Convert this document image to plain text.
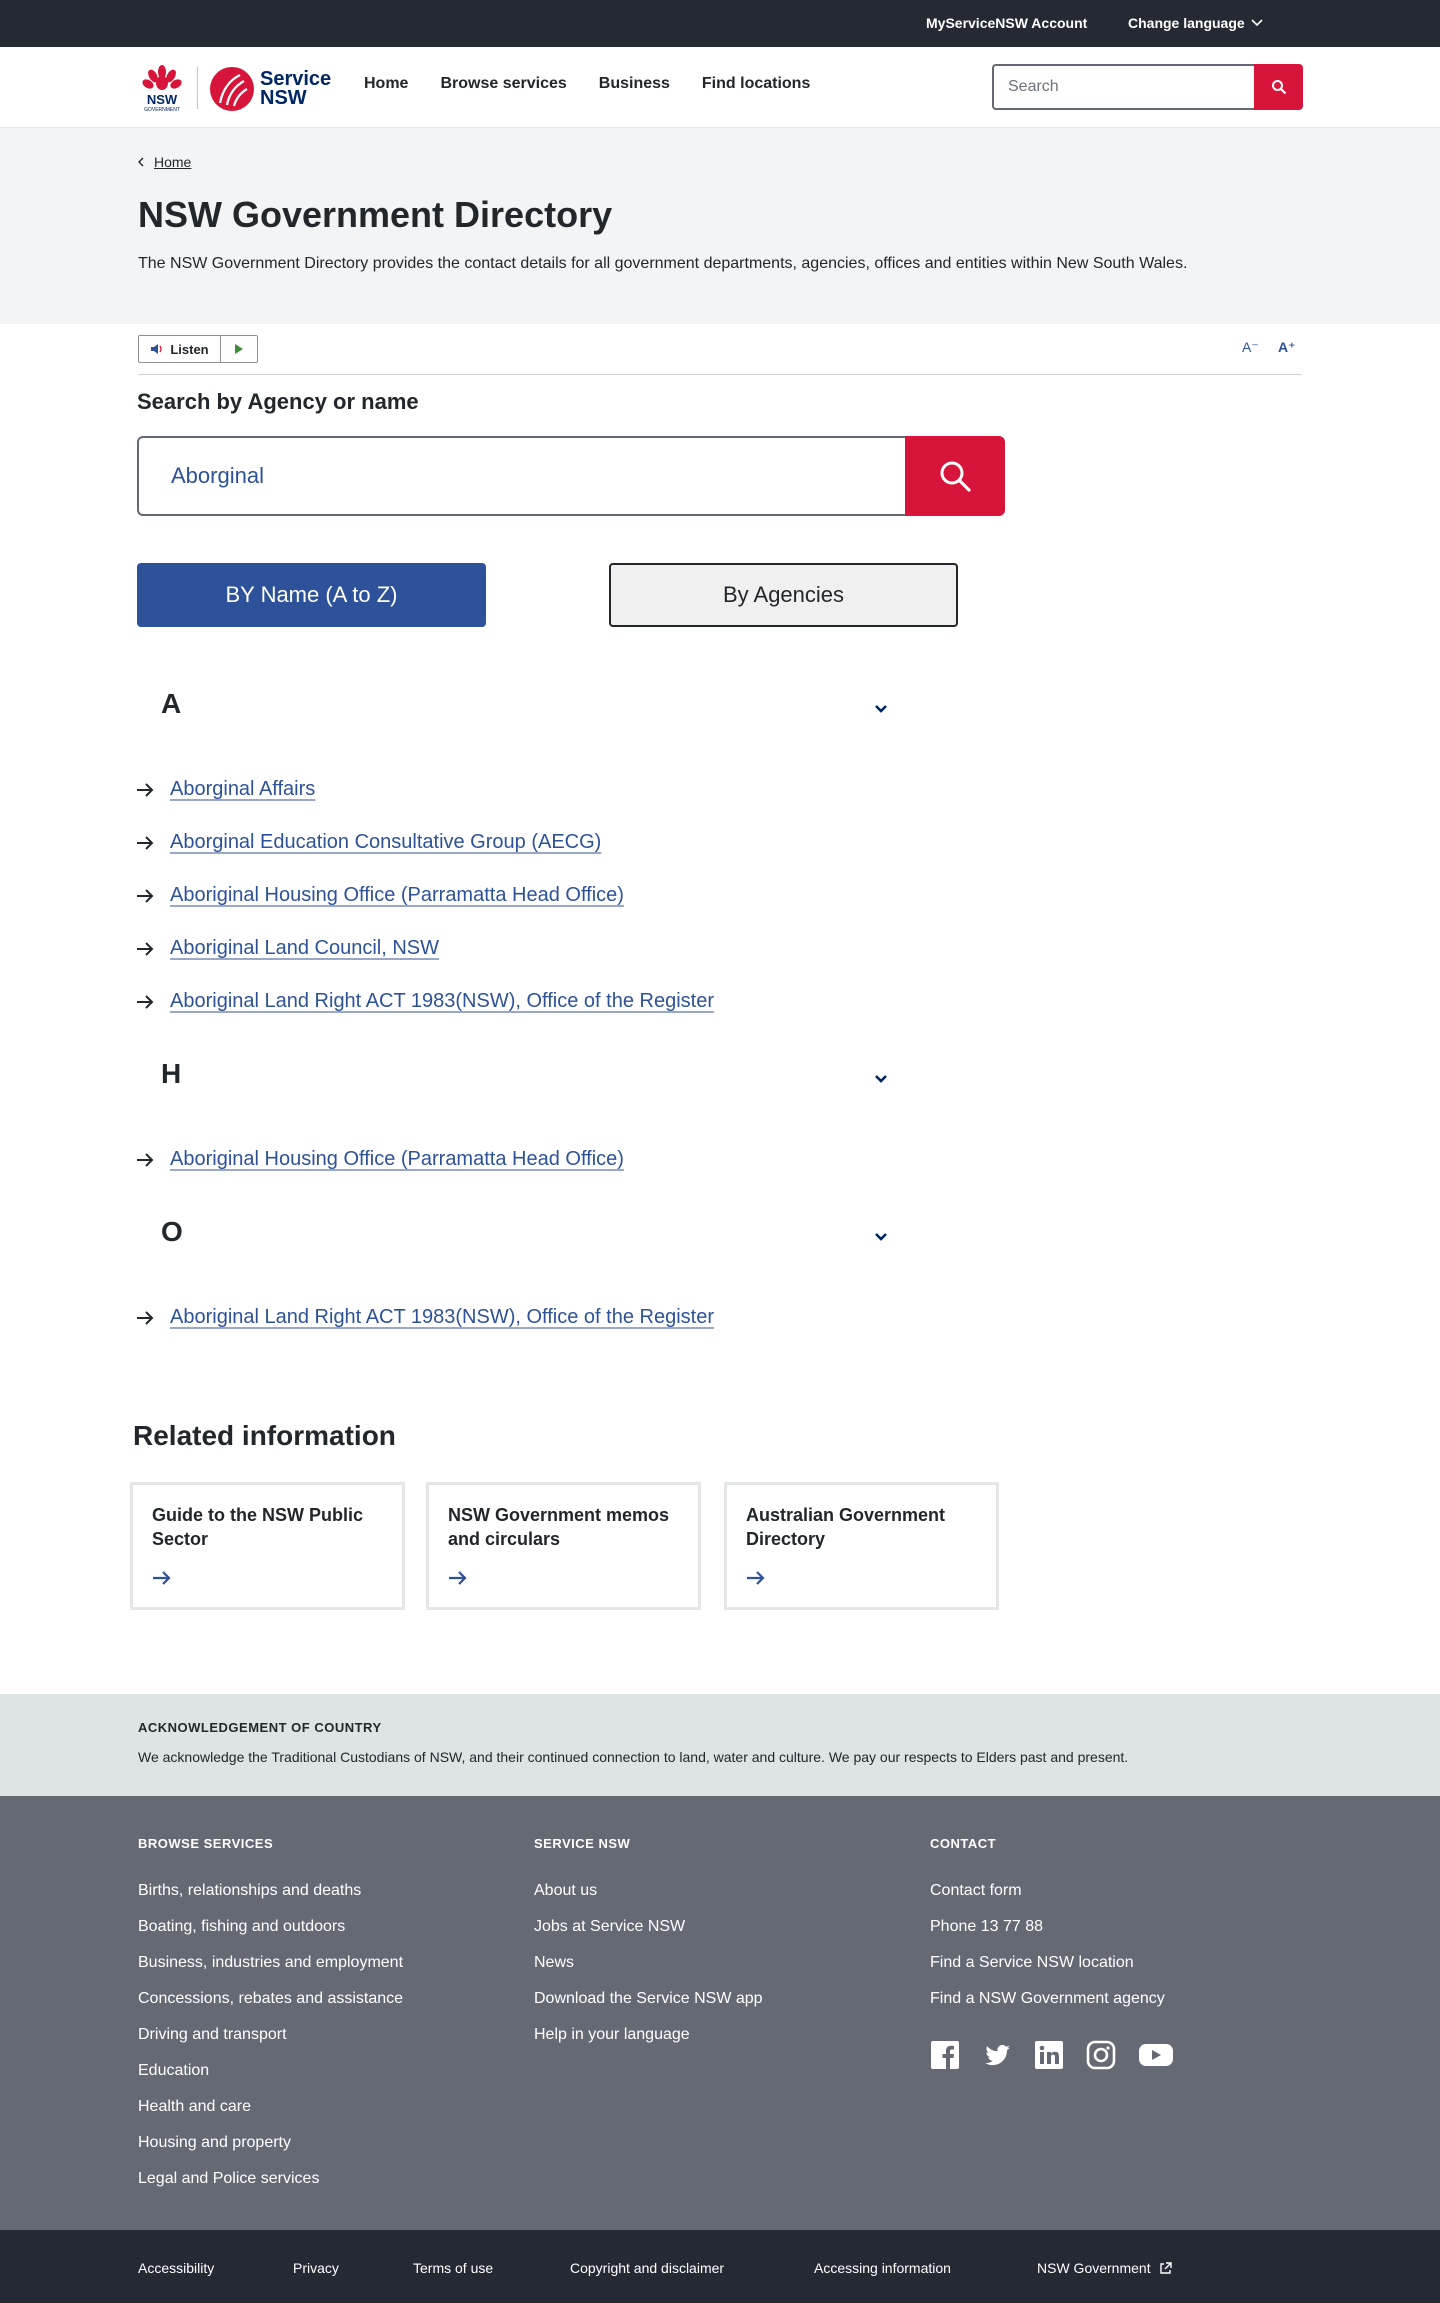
MyServiceNSW Account	Change language
NSW
GOVERNMENT
Service
NSW
Home Browse services Business Find locations
Search
Home
NSW Government Directory

The NSW Government Directory provides the contact details for all government departments, agencies, offices and entities within New South Wales.

Listen	A⁻ A⁺
Search by Agency or name
Aborginal
BY Name (A to Z)	By Agencies
A
Aborginal Affairs
Aborginal Education Consultative Group (AECG)
Aboriginal Housing Office (Parramatta Head Office)
Aboriginal Land Council, NSW
Aboriginal Land Right ACT 1983(NSW), Office of the Register
H
Aboriginal Housing Office (Parramatta Head Office)
O
Aboriginal Land Right ACT 1983(NSW), Office of the Register
Related information
Guide to the NSW Public Sector
NSW Government memos and circulars
Australian Government Directory
ACKNOWLEDGEMENT OF COUNTRY

We acknowledge the Traditional Custodians of NSW, and their continued connection to land, water and culture. We pay our respects to Elders past and present.

BROWSE SERVICES
Births, relationships and deaths
Boating, fishing and outdoors
Business, industries and employment
Concessions, rebates and assistance
Driving and transport
Education
Health and care
Housing and property
Legal and Police services
SERVICE NSW
About us
Jobs at Service NSW
News
Download the Service NSW app
Help in your language
CONTACT
Contact form
Phone 13 77 88
Find a Service NSW location
Find a NSW Government agency
Accessibility	Privacy	Terms of use	Copyright and disclaimer	Accessing information	NSW Government
